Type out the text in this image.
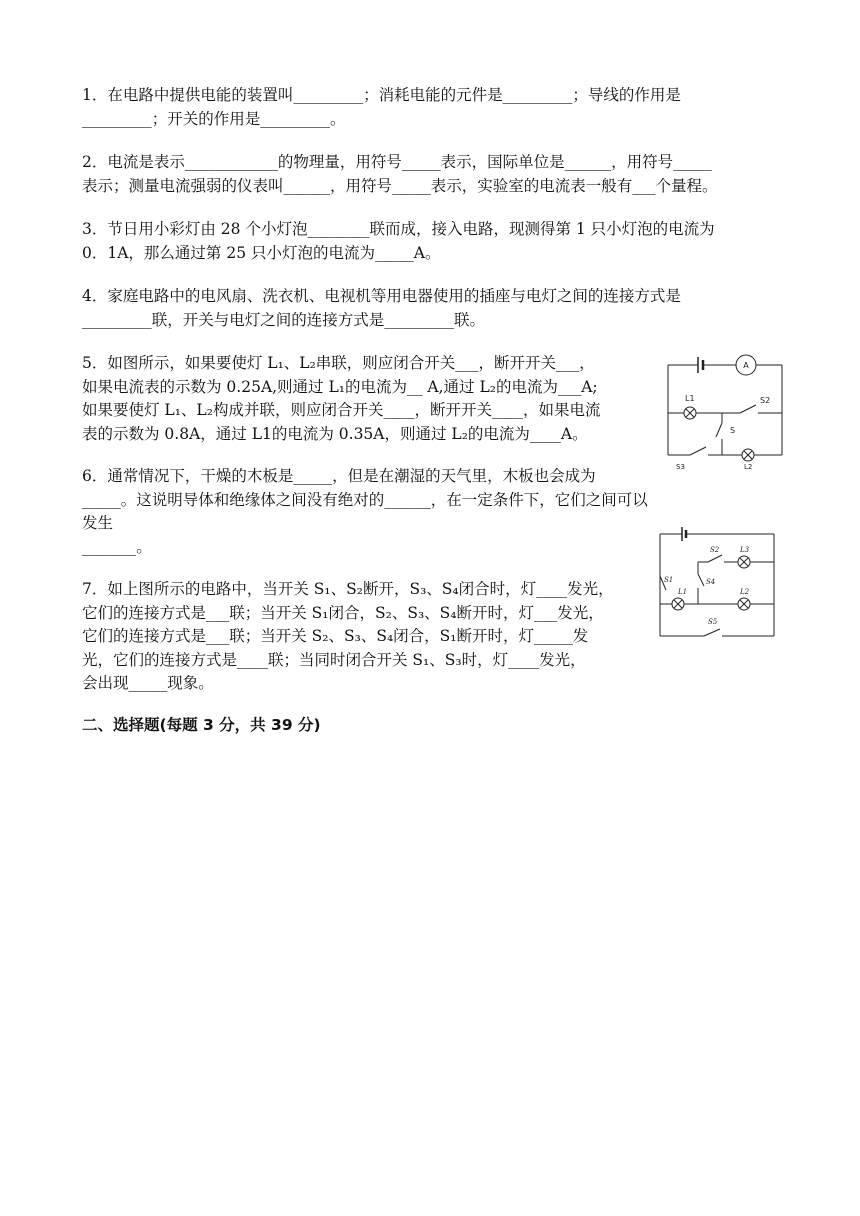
1．在电路中提供电能的装置叫_________；消耗电能的元件是_________；导线的作用是
_________；开关的作用是_________。
2．电流是表示____________的物理量，用符号_____表示，国际单位是______，用符号_____
表示；测量电流强弱的仪表叫______，用符号_____表示，实验室的电流表一般有___个量程。
3．节日用小彩灯由 28 个小灯泡________联而成，接入电路，现测得第 1 只小灯泡的电流为
0．1A，那么通过第 25 只小灯泡的电流为_____A。
4．家庭电路中的电风扇、洗衣机、电视机等用电器使用的插座与电灯之间的连接方式是
_________联，开关与电灯之间的连接方式是_________联。
5．如图所示，如果要使灯 L₁、L₂串联，则应闭合开关___，断开开关___，
如果电流表的示数为 0.25A,则通过 L₁的电流为__ A,通过 L₂的电流为___A;
如果要使灯 L₁、L₂构成并联，则应闭合开关____，断开开关____，如果电流
表的示数为 0.8A，通过 L1的电流为 0.35A，则通过 L₂的电流为____A。
6．通常情况下，干燥的木板是_____，但是在潮湿的天气里，木板也会成为
_____。这说明导体和绝缘体之间没有绝对的______，在一定条件下，它们之间可以发生
_______。
7．如上图所示的电路中，当开关 S₁、S₂断开，S₃、S₄闭合时，灯____发光，
它们的连接方式是___联；当开关 S₁闭合，S₂、S₃、S₄断开时，灯___发光，
它们的连接方式是___联；当开关 S₂、S₃、S₄闭合，S₁断开时，灯_____发
光，它们的连接方式是____联；当同时闭合开关 S₁、S₃时，灯____发光，
会出现_____现象。
二、选择题(每题 3 分，共 39 分)
A
L1	S2
S
S3	L2
S2	L3
S4
S1
L1	L2
S5
